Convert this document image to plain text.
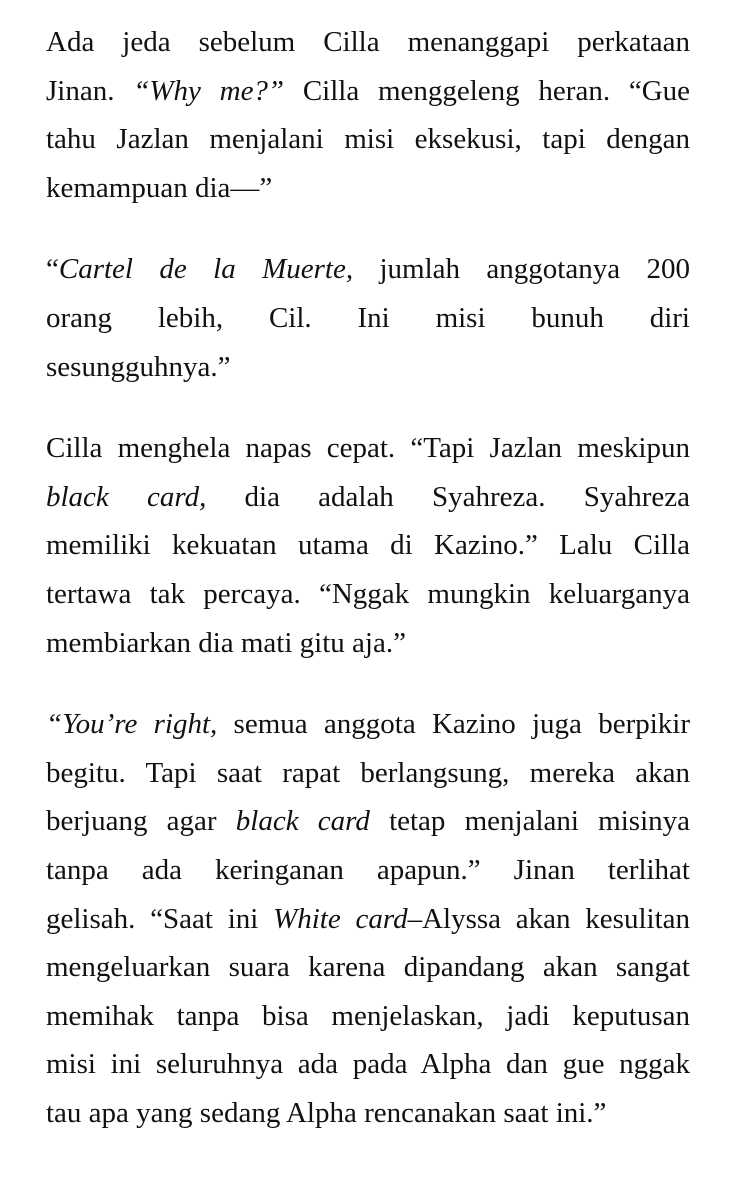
Ada jeda sebelum Cilla menanggapi perkataan
Jinan. “Why me?” Cilla menggeleng heran. “Gue
tahu Jazlan menjalani misi eksekusi, tapi dengan
kemampuan dia—”

“Cartel de la Muerte, jumlah anggotanya 200
orang lebih, Cil. Ini misi bunuh diri
sesungguhnya.”

Cilla menghela napas cepat. “Tapi Jazlan meskipun
black card, dia adalah Syahreza. Syahreza
memiliki kekuatan utama di Kazino.” Lalu Cilla
tertawa tak percaya. “Nggak mungkin keluarganya
membiarkan dia mati gitu aja.”

“You’re right, semua anggota Kazino juga berpikir
begitu. Tapi saat rapat berlangsung, mereka akan
berjuang agar black card tetap menjalani misinya
tanpa ada keringanan apapun.” Jinan terlihat
gelisah. “Saat ini White card–Alyssa akan kesulitan
mengeluarkan suara karena dipandang akan sangat
memihak tanpa bisa menjelaskan, jadi keputusan
misi ini seluruhnya ada pada Alpha dan gue nggak
tau apa yang sedang Alpha rencanakan saat ini.”
